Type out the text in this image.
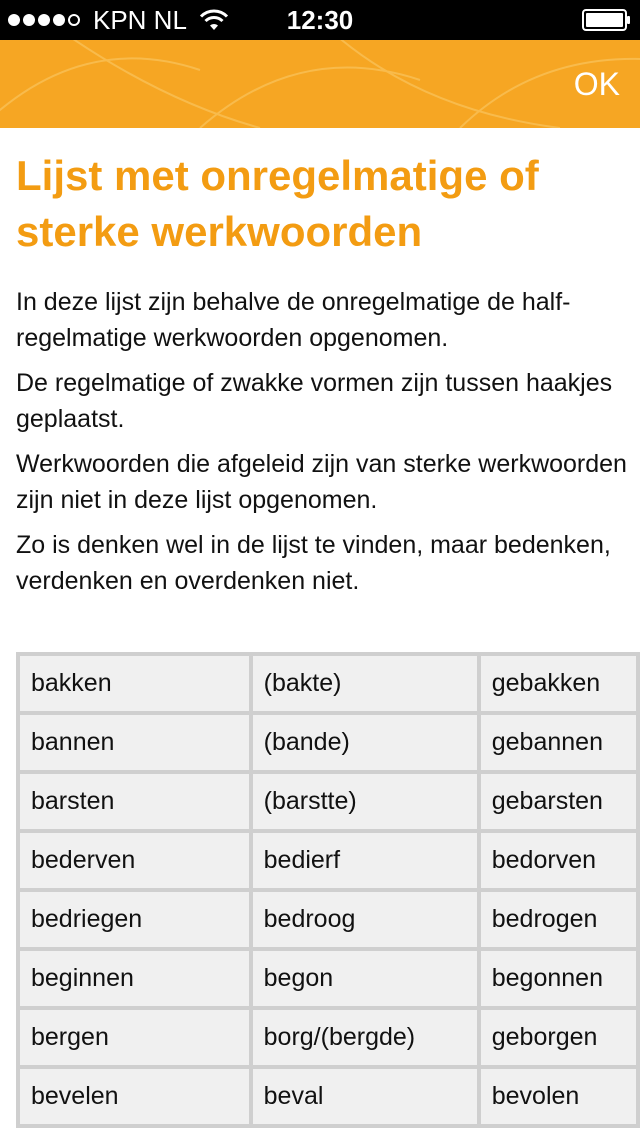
KPN NL	12:30
OK
Lijst met onregelmatige of sterke werkwoorden

In deze lijst zijn behalve de onregelmatige de half-regelmatige werkwoorden opgenomen.

De regelmatige of zwakke vormen zijn tussen haakjes geplaatst.

Werkwoorden die afgeleid zijn van sterke werkwoorden zijn niet in deze lijst opgenomen.

Zo is denken wel in de lijst te vinden, maar bedenken, verdenken en overdenken niet.

bakken	(bakte)	gebakken
bannen	(bande)	gebannen
barsten	(barstte)	gebarsten
bederven	bedierf	bedorven
bedriegen	bedroog	bedrogen
beginnen	begon	begonnen
bergen	borg/(bergde)	geborgen
bevelen	beval	bevolen
